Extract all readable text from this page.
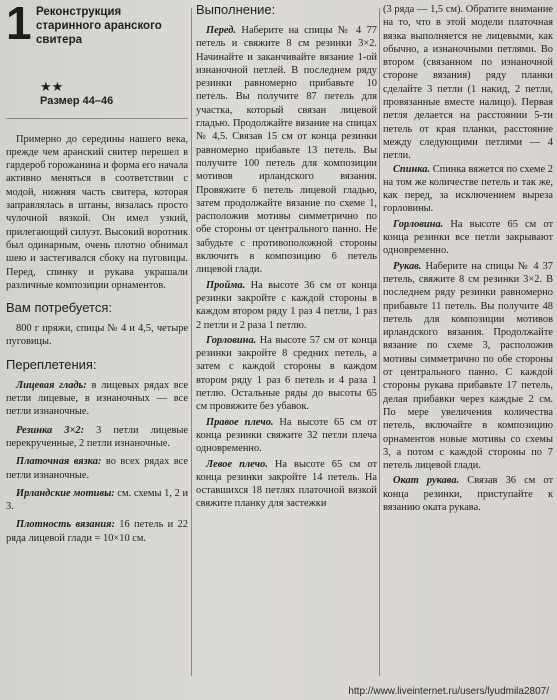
1 Реконструкция старинного аранского свитера
★★
Размер 44–46

Примерно до середины нашего века, прежде чем аранский свитер перешел в гардероб горожанина и форма его начала активно меняться в соответствии с модой, нижняя часть свитера, которая заправлялась в штаны, вязалась просто чулочной вязкой. Он имел узкий, прилегающий силуэт. Высокий воротник был одинарным, очень плотно обнимал шею и застегивался сбоку на пуговицы. Перед, спинку и рукава украшали различные композиции орнаментов.

Вам потребуется:

800 г пряжи, спицы № 4 и 4,5, четыре пуговицы.

Переплетения:

Лицевая гладь: в лицевых рядах все петли лицевые, в изнаночных — все петли изнаночные.

Резинка 3×2: 3 петли лицевые перекрученные, 2 петли изнаночные.

Платочная вязка: во всех рядах все петли изнаночные.

Ирландские мотивы: см. схемы 1, 2 и 3.

Плотность вязания: 16 петель и 22 ряда лицевой глади = 10×10 см.

Выполнение:

Перед. Наберите на спицы № 4 77 петель и свяжите 8 см резинки 3×2. Начинайте и заканчивайте вязание 1-ой изнаночной петлей. В последнем ряду резинки равномерно прибавьте 10 петель. Вы получите 87 петель для участка, который связан лицевой гладью. Продолжайте вязание на спицах № 4,5. Связав 15 см от конца резинки равномерно прибавьте 13 петель. Вы получите 100 петель для композиции мотивов ирландского вязания. Провяжите 6 петель лицевой гладью, затем продолжайте вязание по схеме 1, расположив мотивы симметрично по обе стороны от центрального панно. Не забудьте с противоположной стороны включить в композицию 6 петель лицевой глади.

Пройма. На высоте 36 см от конца резинки закройте с каждой стороны в каждом втором ряду 1 раз 4 петли, 1 раз 2 петли и 2 раза 1 петлю.

Горловина. На высоте 57 см от конца резинки закройте 8 средних петель, а затем с каждой стороны в каждом втором ряду 1 раз 6 петель и 4 раза 1 петлю. Остальные ряды до высоты 65 см провяжите без убавок.

Правое плечо. На высоте 65 см от конца резинки свяжите 32 петли плеча одновременно.

Левое плечо. На высоте 65 см от конца резинки закройте 14 петель. На оставшихся 18 петлях платочной вязкой свяжите планку для застежки

(3 ряда — 1,5 см). Обратите внимание на то, что в этой модели платочная вязка выполняется не лицевыми, как обычно, а изнаночными петлями. Во втором (связанном по изнаночной стороне вязания) ряду планки сделайте 3 петли (1 накид, 2 петли, провязанные вместе налицо). Первая петля делается на расстоянии 5-ти петель от края планки, расстояние между следующими петлями — 4 петли.

Спинка. Спинка вяжется по схеме 2 на том же количестве петель и так же, как перед, за исключением выреза горловины.

Горловина. На высоте 65 см от конца резинки все петли закрывают одновременно.

Рукав. Наберите на спицы № 4 37 петель, свяжите 8 см резинки 3×2. В последнем ряду резинки равномерно прибавьте 11 петель. Вы получите 48 петель для композиции мотивов ирландского вязания. Продолжайте вязание по схеме 3, расположив мотивы симметрично по обе стороны от центрального панно. С каждой стороны рукава прибавьте 17 петель, делая прибавки через каждые 2 см. По мере увеличения количества петель, включайте в композицию орнаментов новые мотивы со схемы 3, а потом с каждой стороны по 7 петель лицевой глади.

Окат рукава. Связав 36 см от конца резинки, приступайте к вязанию оката рукава.

http://www.liveinternet.ru/users/lyudmila2807/
